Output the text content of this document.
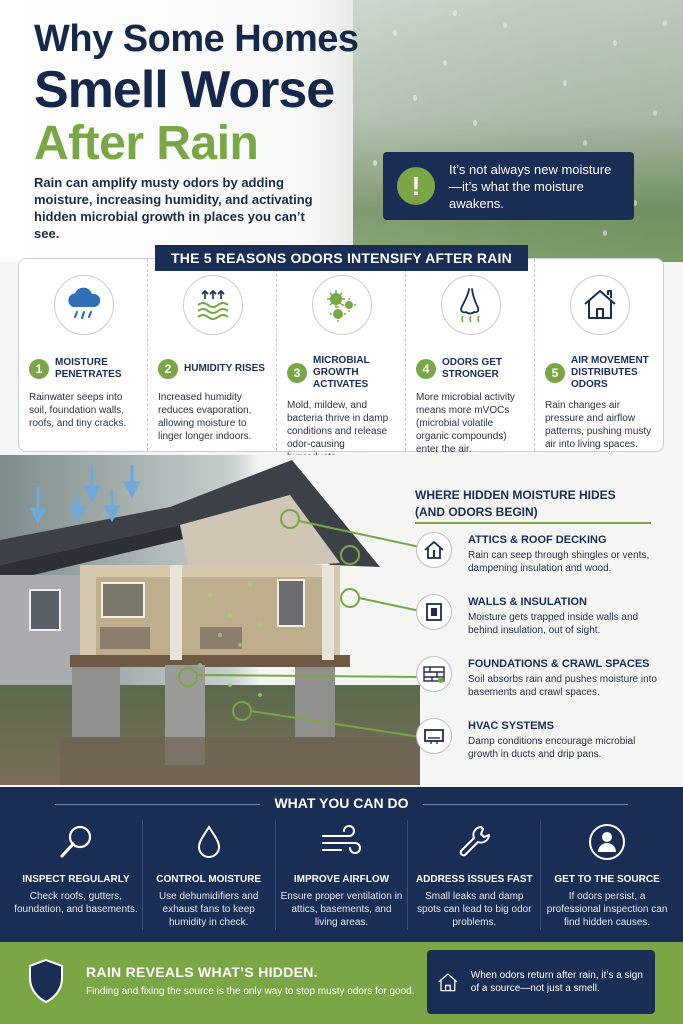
Why Some Homes
Smell Worse
After Rain
Rain can amplify musty odors by adding moisture, increasing humidity, and activating hidden microbial growth in places you can’t see.
!
It’s not always new moisture—it’s what the moisture awakens.
1	MOISTURE PENETRATES
Rainwater seeps into soil, foundation walls, roofs, and tiny cracks.
2	HUMIDITY RISES
Increased humidity reduces evaporation, allowing moisture to linger longer indoors.
3
MICROBIAL GROWTH ACTIVATES
Mold, mildew, and bacteria thrive in damp conditions and release odor-causing
4	ODORS GET STRONGER
More microbial activity means more mVOCs (microbial volatile organic compounds) enter the air.
5
AIR MOVEMENT DISTRIBUTES ODORS
Rain changes air pressure and airflow patterns, pushing musty air into living spaces.
THE 5 REASONS ODORS INTENSIFY AFTER RAIN
WHERE HIDDEN MOISTURE HIDES
(AND ODORS BEGIN)
ATTICS & ROOF DECKING
Rain can seep through shingles or vents, dampening insulation and wood.
WALLS & INSULATION
Moisture gets trapped inside walls and behind insulation, out of sight.
FOUNDATIONS & CRAWL SPACES
Soil absorbs rain and pushes moisture into basements and crawl spaces.
HVAC SYSTEMS
Damp conditions encourage microbial growth in ducts and drip pans.
WHAT YOU CAN DO
INSPECT REGULARLY
Check roofs, gutters, foundation, and basements.
CONTROL MOISTURE
Use dehumidifiers and exhaust fans to keep humidity in check.
IMPROVE AIRFLOW
Ensure proper ventilation in attics, basements, and living areas.
ADDRESS ISSUES FAST
Small leaks and damp spots can lead to big odor problems.
GET TO THE SOURCE
If odors persist, a professional inspection can find hidden causes.
RAIN REVEALS WHAT’S HIDDEN.
Finding and fixing the source is the only way to stop musty odors for good.
When odors return after rain, it’s a sign of a source—not just a smell.
